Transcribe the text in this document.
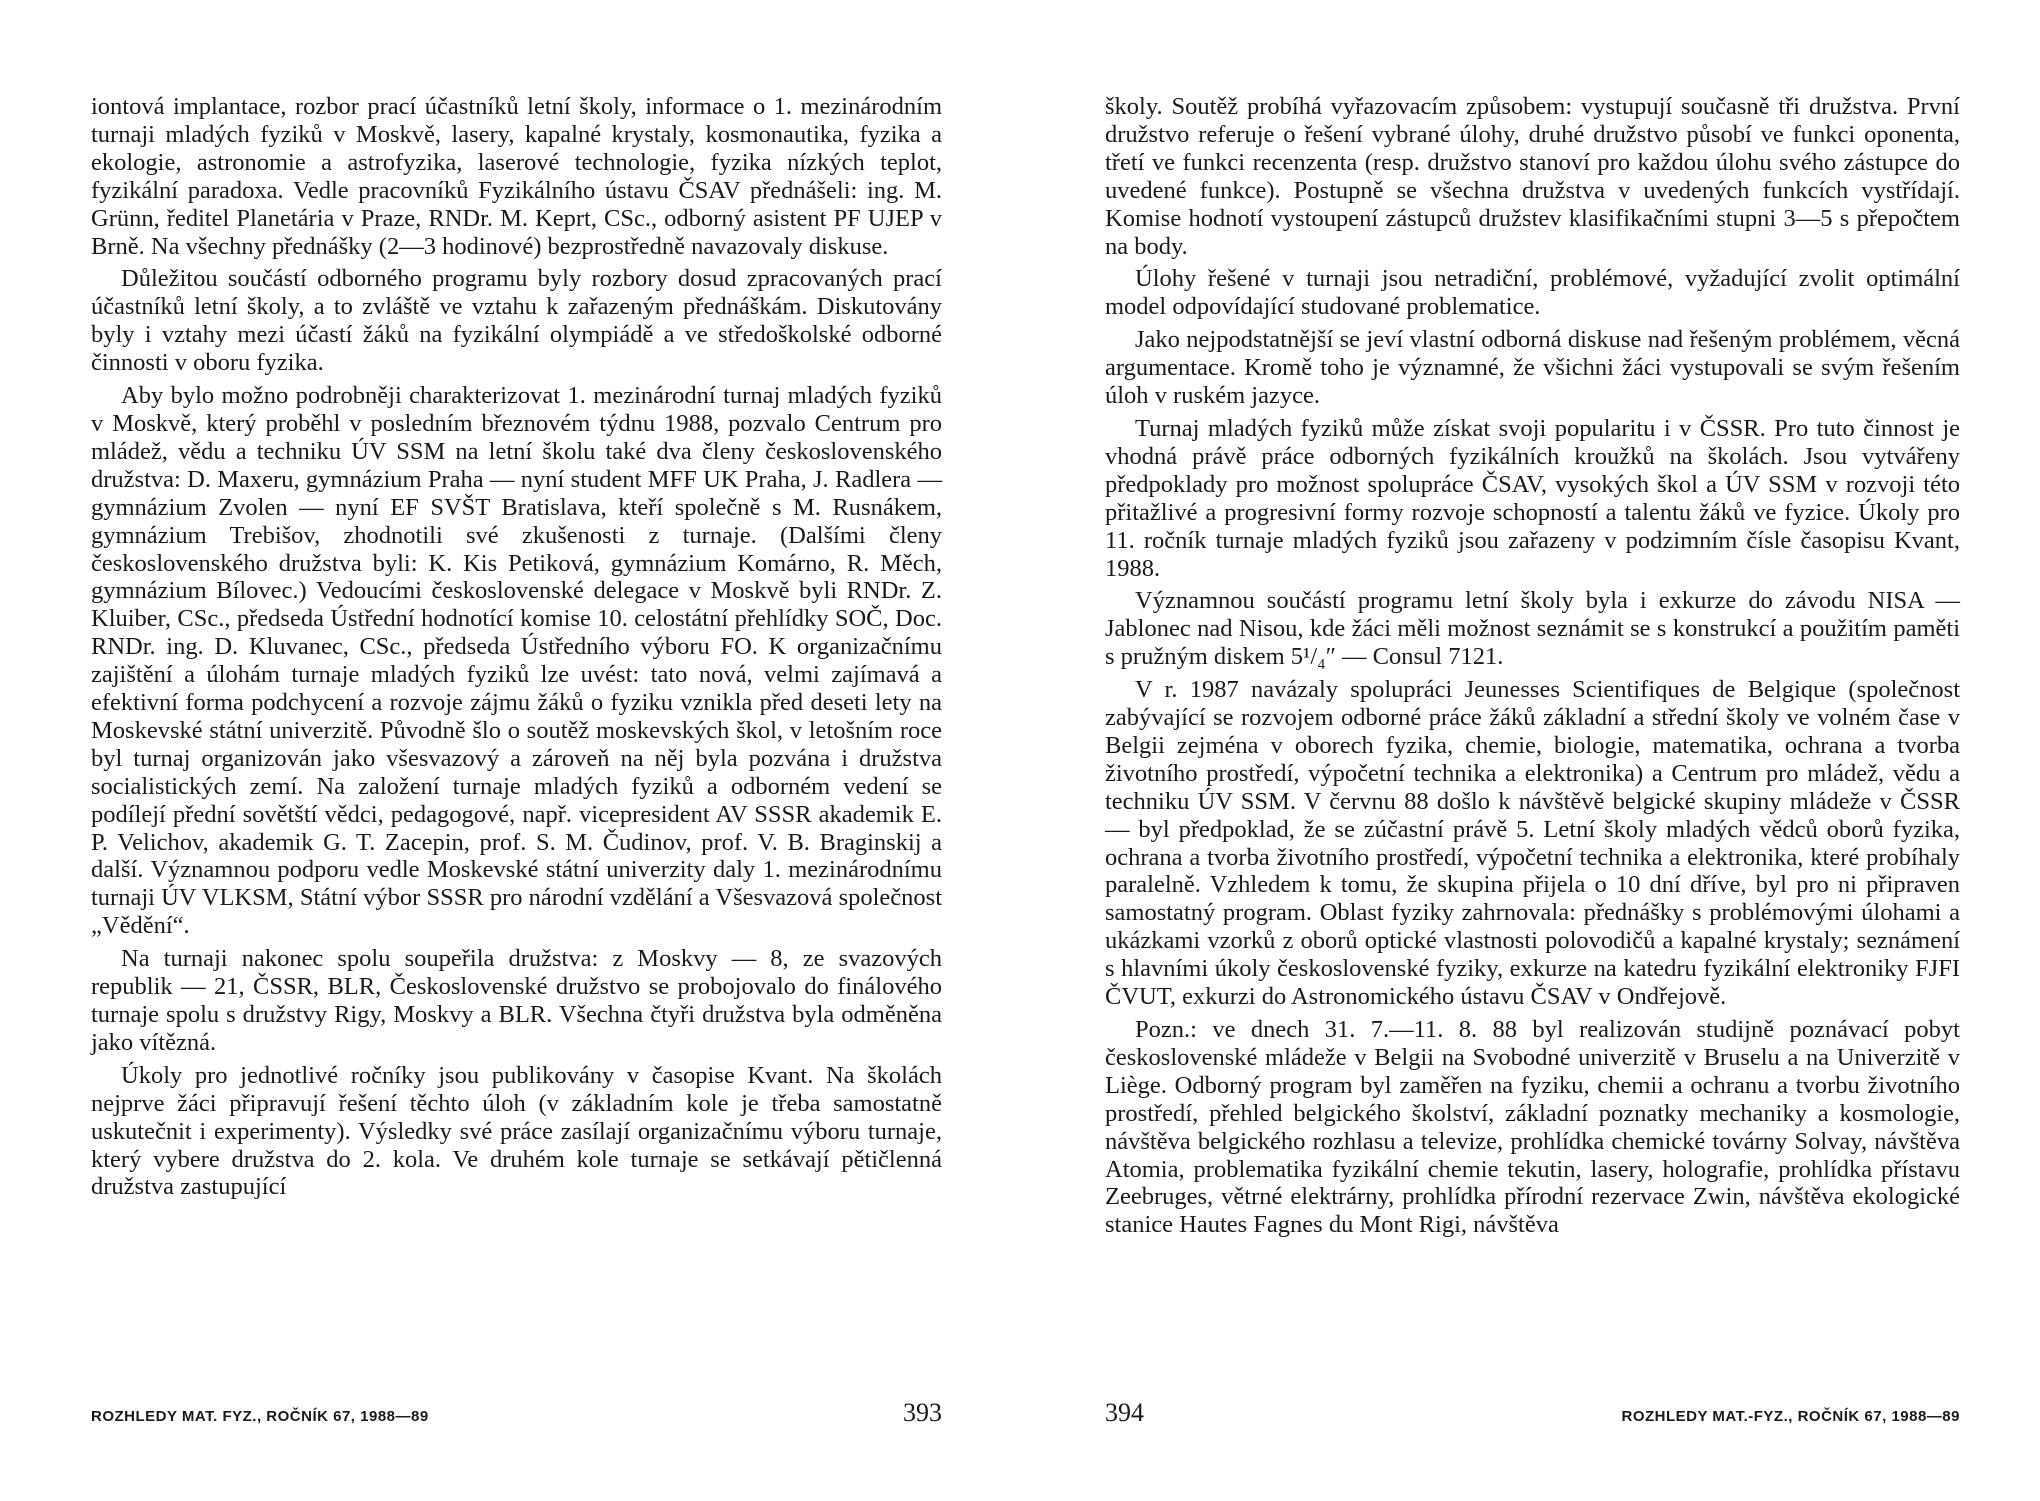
iontová implantace, rozbor prací účastníků letní školy, informace o 1. mezinárodním turnaji mladých fyziků v Moskvě, lasery, kapalné krystaly, kosmonautika, fyzika a ekologie, astronomie a astrofyzika, laserové technologie, fyzika nízkých teplot, fyzikální paradoxa. Vedle pracovníků Fyzikálního ústavu ČSAV přednášeli: ing. M. Grünn, ředitel Planetária v Praze, RNDr. M. Keprt, CSc., odborný asistent PF UJEP v Brně. Na všechny přednášky (2—3 hodinové) bezprostředně navazovaly diskuse.

Důležitou součástí odborného programu byly rozbory dosud zpracovaných prací účastníků letní školy, a to zvláště ve vztahu k zařazeným přednáškám. Diskutovány byly i vztahy mezi účastí žáků na fyzikální olympiádě a ve středoškolské odborné činnosti v oboru fyzika.

Aby bylo možno podrobněji charakterizovat 1. mezinárodní turnaj mladých fyziků v Moskvě, který proběhl v posledním březnovém týdnu 1988, pozvalo Centrum pro mládež, vědu a techniku ÚV SSM na letní školu také dva členy československého družstva: D. Maxeru, gymnázium Praha — nyní student MFF UK Praha, J. Radlera — gymnázium Zvolen — nyní EF SVŠT Bratislava, kteří společně s M. Rusnákem, gymnázium Trebišov, zhodnotili své zkušenosti z turnaje. (Dalšími členy československého družstva byli: K. Kis Petiková, gymnázium Komárno, R. Měch, gymnázium Bílovec.) Vedoucími československé delegace v Moskvě byli RNDr. Z. Kluiber, CSc., předseda Ústřední hodnotící komise 10. celostátní přehlídky SOČ, Doc. RNDr. ing. D. Kluvanec, CSc., předseda Ústředního výboru FO. K organizačnímu zajištění a úlohám turnaje mladých fyziků lze uvést: tato nová, velmi zajímavá a efektivní forma podchycení a rozvoje zájmu žáků o fyziku vznikla před deseti lety na Moskevské státní univerzitě. Původně šlo o soutěž moskevských škol, v letošním roce byl turnaj organizován jako všesvazový a zároveň na něj byla pozvána i družstva socialistických zemí. Na založení turnaje mladých fyziků a odborném vedení se podílejí přední sovětští vědci, pedagogové, např. vicepresident AV SSSR akademik E. P. Velichov, akademik G. T. Zacepin, prof. S. M. Čudinov, prof. V. B. Braginskij a další. Významnou podporu vedle Moskevské státní univerzity daly 1. mezinárodnímu turnaji ÚV VLKSM, Státní výbor SSSR pro národní vzdělání a Všesvazová společnost „Vědění“.

Na turnaji nakonec spolu soupeřila družstva: z Moskvy — 8, ze svazových republik — 21, ČSSR, BLR, Československé družstvo se probojovalo do finálového turnaje spolu s družstvy Rigy, Moskvy a BLR. Všechna čtyři družstva byla odměněna jako vítězná.

Úkoly pro jednotlivé ročníky jsou publikovány v časopise Kvant. Na školách nejprve žáci připravují řešení těchto úloh (v základním kole je třeba samostatně uskutečnit i experimenty). Výsledky své práce zasílají organizačnímu výboru turnaje, který vybere družstva do 2. kola. Ve druhém kole turnaje se setkávají pětičlenná družstva zastupující

ROZHLEDY MAT. FYZ., ROČNÍK 67, 1988—89	393

školy. Soutěž probíhá vyřazovacím způsobem: vystupují současně tři družstva. První družstvo referuje o řešení vybrané úlohy, druhé družstvo působí ve funkci oponenta, třetí ve funkci recenzenta (resp. družstvo stanoví pro každou úlohu svého zástupce do uvedené funkce). Postupně se všechna družstva v uvedených funkcích vystřídají. Komise hodnotí vystoupení zástupců družstev klasifikačními stupni 3—5 s přepočtem na body.

Úlohy řešené v turnaji jsou netradiční, problémové, vyžadující zvolit optimální model odpovídající studované problematice.

Jako nejpodstatnější se jeví vlastní odborná diskuse nad řešeným problémem, věcná argumentace. Kromě toho je významné, že všichni žáci vystupovali se svým řešením úloh v ruském jazyce.

Turnaj mladých fyziků může získat svoji popularitu i v ČSSR. Pro tuto činnost je vhodná právě práce odborných fyzikálních kroužků na školách. Jsou vytvářeny předpoklady pro možnost spolupráce ČSAV, vysokých škol a ÚV SSM v rozvoji této přitažlivé a progresivní formy rozvoje schopností a talentu žáků ve fyzice. Úkoly pro 11. ročník turnaje mladých fyziků jsou zařazeny v podzimním čísle časopisu Kvant, 1988.

Významnou součástí programu letní školy byla i exkurze do závodu NISA — Jablonec nad Nisou, kde žáci měli možnost seznámit se s konstrukcí a použitím paměti s pružným diskem 5¹/₄″ — Consul 7121.

V r. 1987 navázaly spolupráci Jeunesses Scientifiques de Belgique (společnost zabývající se rozvojem odborné práce žáků základní a střední školy ve volném čase v Belgii zejména v oborech fyzika, chemie, biologie, matematika, ochrana a tvorba životního prostředí, výpočetní technika a elektronika) a Centrum pro mládež, vědu a techniku ÚV SSM. V červnu 88 došlo k návštěvě belgické skupiny mládeže v ČSSR — byl předpoklad, že se zúčastní právě 5. Letní školy mladých vědců oborů fyzika, ochrana a tvorba životního prostředí, výpočetní technika a elektronika, které probíhaly paralelně. Vzhledem k tomu, že skupina přijela o 10 dní dříve, byl pro ni připraven samostatný program. Oblast fyziky zahrnovala: přednášky s problémovými úlohami a ukázkami vzorků z oborů optické vlastnosti polovodičů a kapalné krystaly; seznámení s hlavními úkoly československé fyziky, exkurze na katedru fyzikální elektroniky FJFI ČVUT, exkurzi do Astronomického ústavu ČSAV v Ondřejově.

Pozn.: ve dnech 31. 7.—11. 8. 88 byl realizován studijně poznávací pobyt československé mládeže v Belgii na Svobodné univerzitě v Bruselu a na Univerzitě v Liège. Odborný program byl zaměřen na fyziku, chemii a ochranu a tvorbu životního prostředí, přehled belgického školství, základní poznatky mechaniky a kosmologie, návštěva belgického rozhlasu a televize, prohlídka chemické továrny Solvay, návštěva Atomia, problematika fyzikální chemie tekutin, lasery, holografie, prohlídka přístavu Zeebruges, větrné elektrárny, prohlídka přírodní rezervace Zwin, návštěva ekologické stanice Hautes Fagnes du Mont Rigi, návštěva

394	ROZHLEDY MAT.-FYZ., ROČNÍK 67, 1988—89
